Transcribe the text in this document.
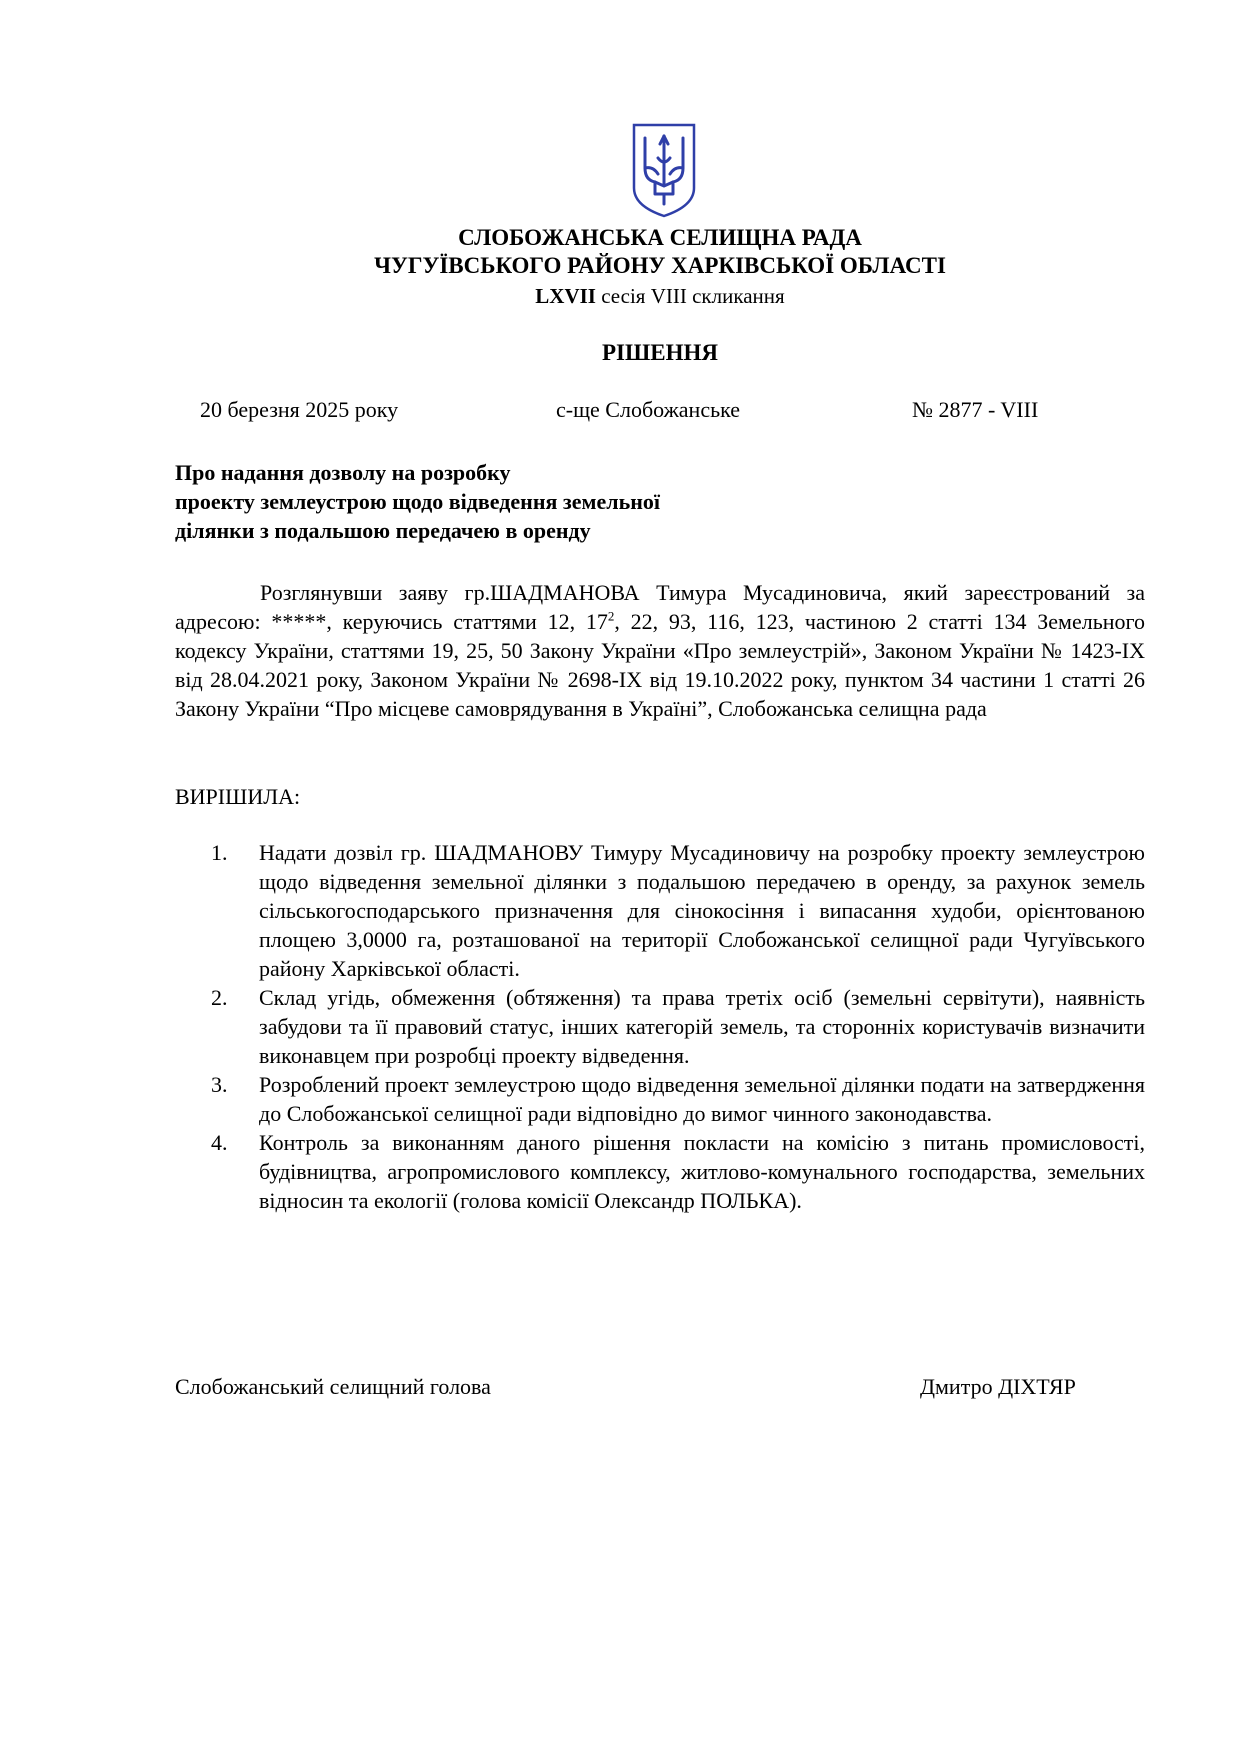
СЛОБОЖАНСЬКА СЕЛИЩНА РАДА
ЧУГУЇВСЬКОГО РАЙОНУ ХАРКІВСЬКОЇ ОБЛАСТІ
LXVII сесія VIII скликання
РІШЕННЯ
20 березня 2025 року	с-ще Слобожанське	№ 2877 - VIII
Про надання дозволу на розробку
проекту землеустрою щодо відведення земельної
ділянки з подальшою передачею в оренду
Розглянувши заяву гр.ШАДМАНОВА Тимура Мусадиновича, який зареєстрований за адресою: *****, керуючись статтями 12, $17^2$, 22, 93, 116, 123, частиною 2 статті 134 Земельного кодексу України, статтями 19, 25, 50 Закону України «Про землеустрій», Законом України № 1423-IX від 28.04.2021 року, Законом України № 2698-IX від 19.10.2022 року, пунктом 34 частини 1 статті 26 Закону України “Про місцеве самоврядування в Україні”, Слобожанська селищна рада
ВИРІШИЛА:
1. Надати дозвіл гр. ШАДМАНОВУ Тимуру Мусадиновичу на розробку проекту землеустрою щодо відведення земельної ділянки з подальшою передачею в оренду, за рахунок земель сільськогосподарського призначення для сінокосіння і випасання худоби, орієнтованою площею 3,0000 га, розташованої на території Слобожанської селищної ради Чугуївського району Харківської області.
2. Склад угідь, обмеження (обтяження) та права третіх осіб (земельні сервітути), наявність забудови та її правовий статус, інших категорій земель, та сторонніх користувачів визначити виконавцем при розробці проекту відведення.
3. Розроблений проект землеустрою щодо відведення земельної ділянки подати на затвердження до Слобожанської селищної ради відповідно до вимог чинного законодавства.
4. Контроль за виконанням даного рішення покласти на комісію з питань промисловості, будівництва, агропромислового комплексу, житлово-комунального господарства, земельних відносин та екології (голова комісії Олександр ПОЛЬКА).
Слобожанський селищний голова	Дмитро ДІХТЯР
